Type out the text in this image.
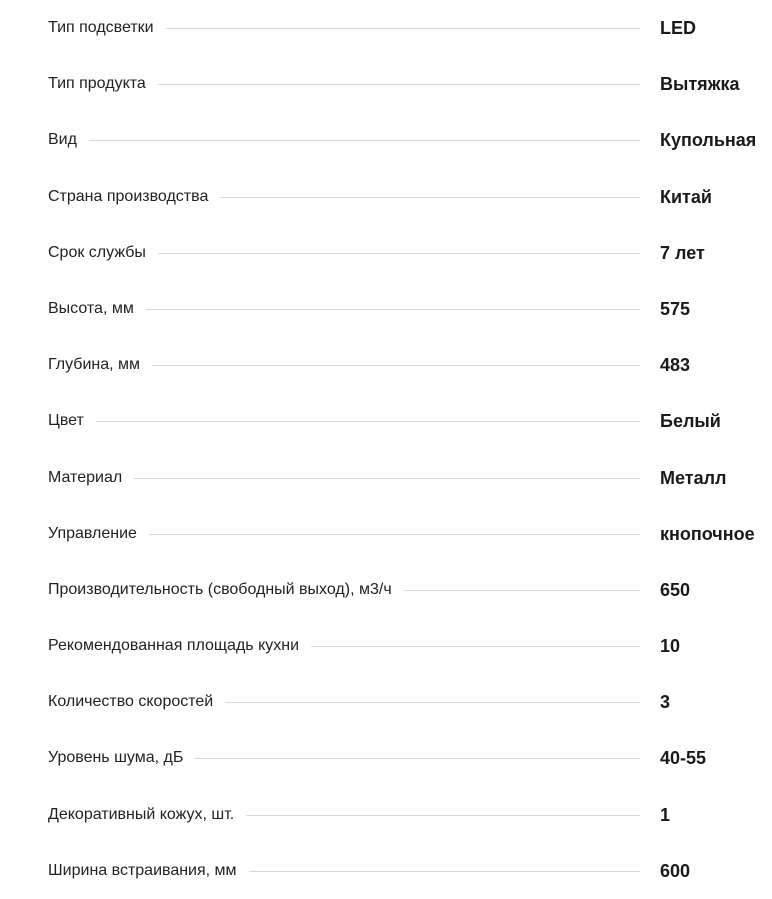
Тип подсветки	LED
Тип продукта	Вытяжка
Вид	Купольная
Страна производства	Китай
Срок службы	7 лет
Высота, мм	575
Глубина, мм	483
Цвет	Белый
Материал	Металл
Управление	кнопочное
Производительность (свободный выход), м3/ч	650
Рекомендованная площадь кухни	10
Количество скоростей	3
Уровень шума, дБ	40-55
Декоративный кожух, шт.	1
Ширина встраивания, мм	600
